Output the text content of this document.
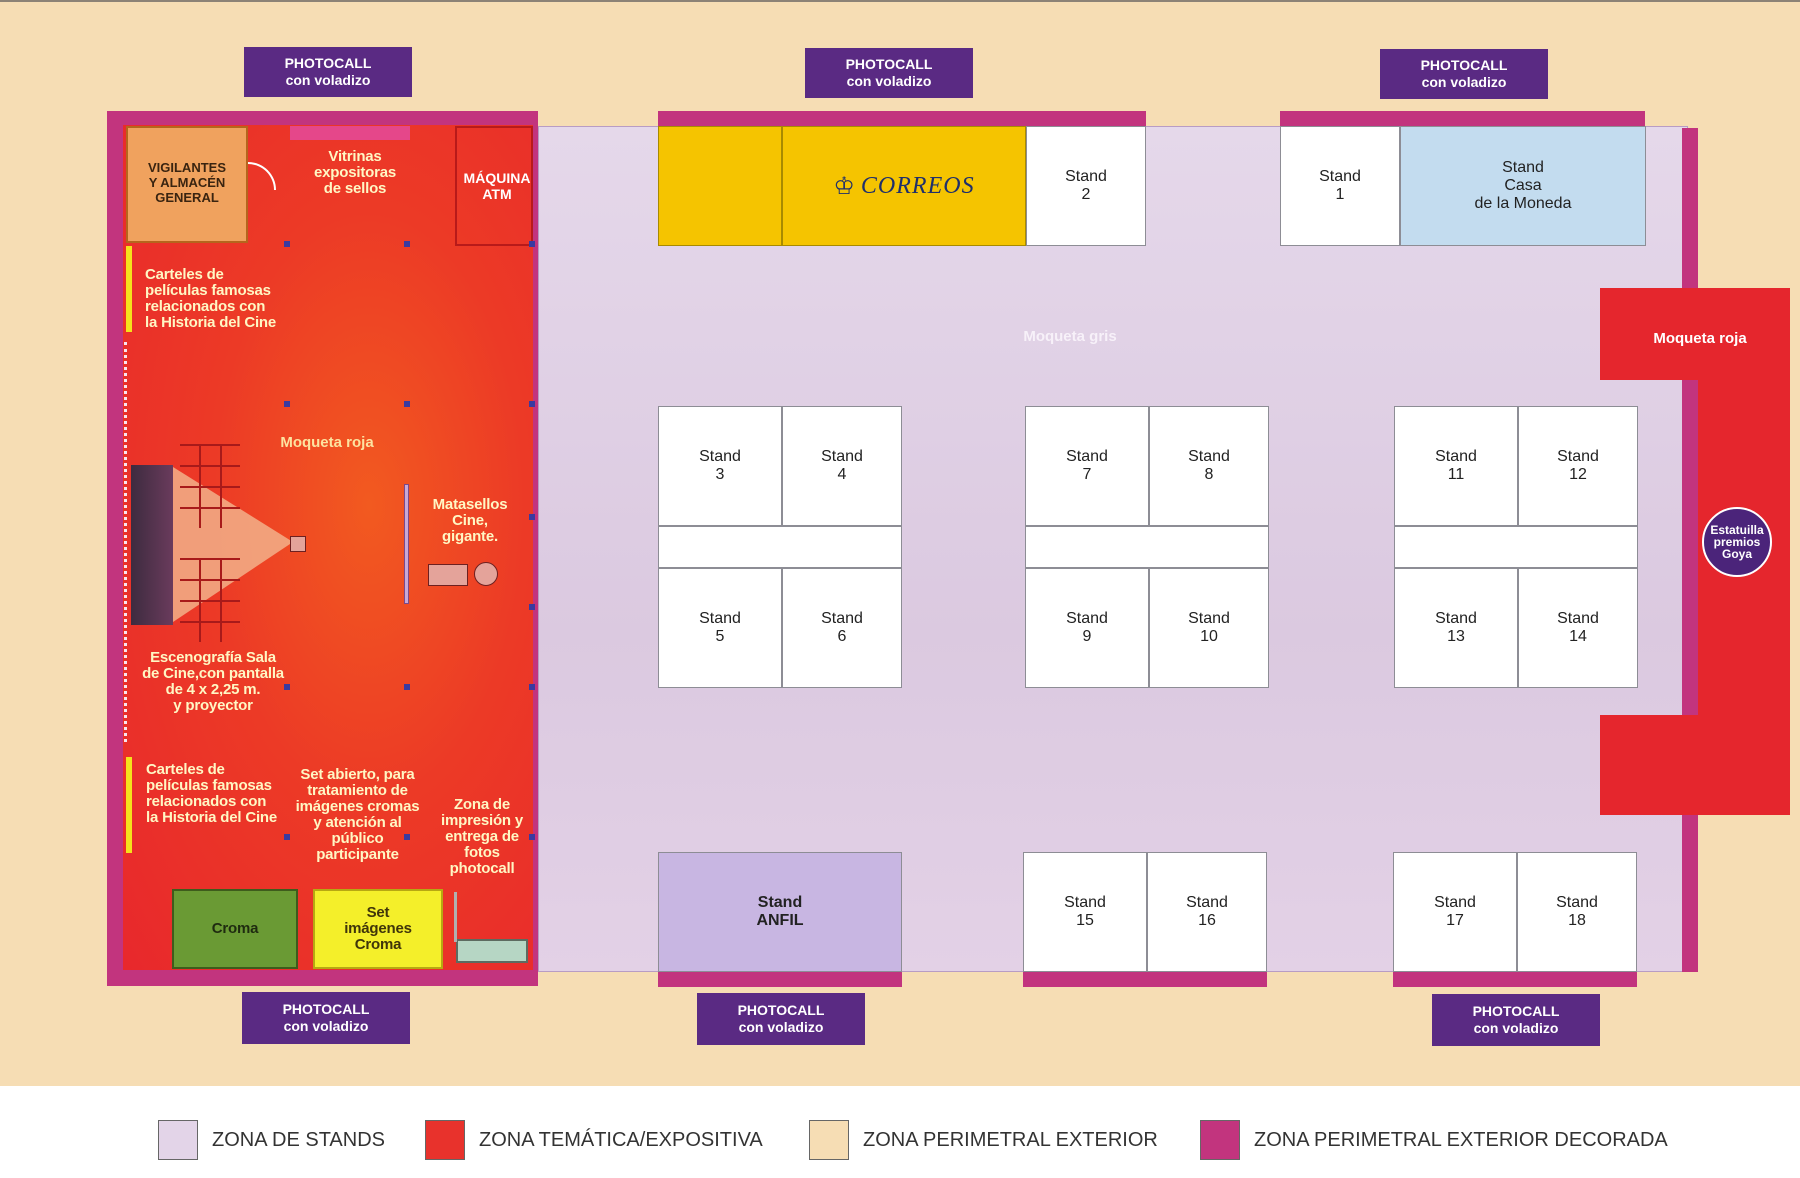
PHOTOCALL
con voladizo
PHOTOCALL
con voladizo
PHOTOCALL
con voladizo
PHOTOCALL
con voladizo
PHOTOCALL
con voladizo
PHOTOCALL
con voladizo
Moqueta gris
VIGILANTES
Y ALMACÉN
GENERAL
Vitrinas
expositoras
de sellos
MÁQUINA
ATM
Carteles de
películas famosas
relacionados con
la Historia del Cine
Moqueta roja
Matasellos
Cine,
gigante.
Escenografía Sala
de Cine,con pantalla
de 4 x 2,25 m.
y proyector
Carteles de
películas famosas
relacionados con
la Historia del Cine
Set abierto, para
tratamiento de
imágenes cromas
y atención al
público
participante
Zona de
impresión y
entrega de
fotos
photocall
Croma
Set
imágenes
Croma
♔ CORREOS	Stand
2
Stand
1
Stand
Casa
de la Moneda
Stand
3
Stand
4
Stand
5
Stand
6
Stand
7
Stand
8
Stand
9
Stand
10
Stand
11
Stand
12
Stand
13
Stand
14
Stand
ANFIL
Stand
15
Stand
16
Stand
17
Stand
18
Moqueta roja
Estatuilla
premios
Goya
ZONA DE STANDS	ZONA TEMÁTICA/EXPOSITIVA	ZONA PERIMETRAL EXTERIOR	ZONA PERIMETRAL EXTERIOR DECORADA
